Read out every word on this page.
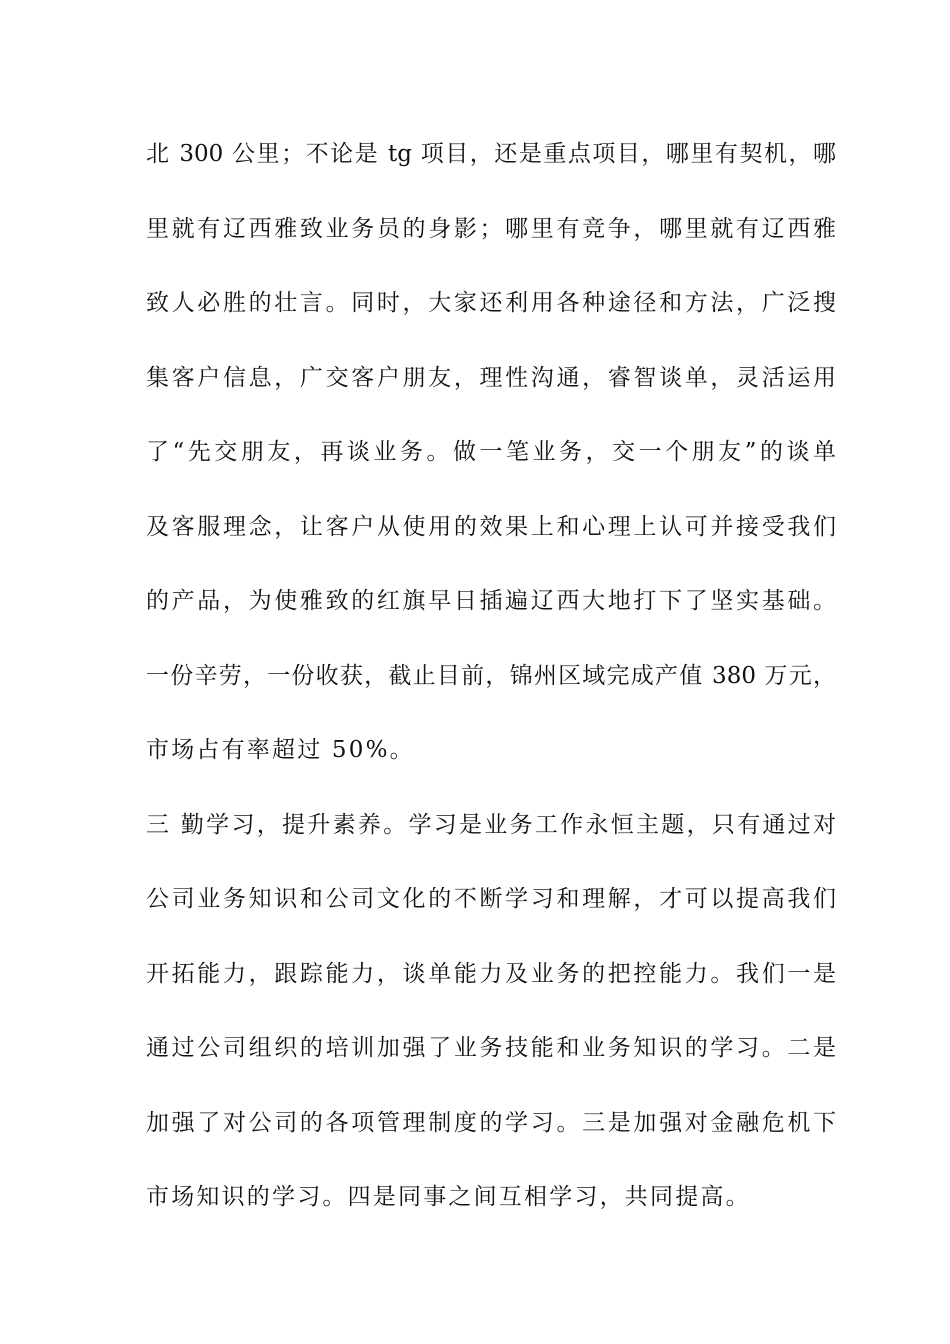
北 300 公里；不论是 tg 项目，还是重点项目，哪里有契机，哪
里就有辽西雅致业务员的身影；哪里有竞争，哪里就有辽西雅
致人必胜的壮言。同时，大家还利用各种途径和方法，广泛搜
集客户信息，广交客户朋友，理性沟通，睿智谈单，灵活运用
了“先交朋友，再谈业务。做一笔业务，交一个朋友”的谈单
及客服理念，让客户从使用的效果上和心理上认可并接受我们
的产品，为使雅致的红旗早日插遍辽西大地打下了坚实基础。
一份辛劳，一份收获，截止目前，锦州区域完成产值 380 万元，
市场占有率超过 50%。
三 勤学习，提升素养。学习是业务工作永恒主题，只有通过对
公司业务知识和公司文化的不断学习和理解，才可以提高我们
开拓能力，跟踪能力，谈单能力及业务的把控能力。我们一是
通过公司组织的培训加强了业务技能和业务知识的学习。二是
加强了对公司的各项管理制度的学习。三是加强对金融危机下
市场知识的学习。四是同事之间互相学习，共同提高。
